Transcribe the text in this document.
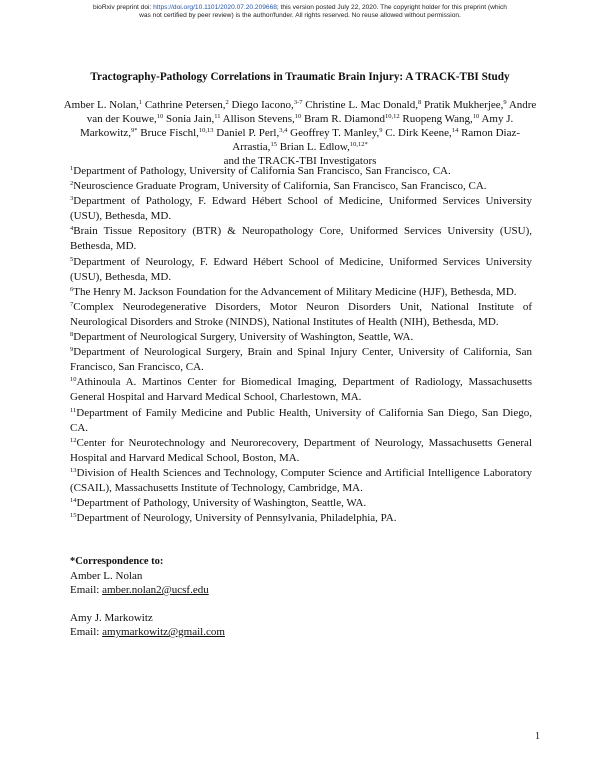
bioRxiv preprint doi: https://doi.org/10.1101/2020.07.20.209668; this version posted July 22, 2020. The copyright holder for this preprint (which
was not certified by peer review) is the author/funder. All rights reserved. No reuse allowed without permission.
Tractography-Pathology Correlations in Traumatic Brain Injury: A TRACK-TBI Study
Amber L. Nolan,$^1$ Cathrine Petersen,$^2$ Diego Iacono,$^{3-7}$ Christine L. Mac Donald,$^8$ Pratik Mukherjee,$^9$ Andre van der Kouwe,$^{10}$ Sonia Jain,$^{11}$ Allison Stevens,$^{10}$ Bram R. Diamond$^{10,12}$ Ruopeng Wang,$^{10}$ Amy J. Markowitz,$^{9*}$ Bruce Fischl,$^{10,13}$ Daniel P. Perl,$^{3,4}$ Geoffrey T. Manley,$^9$ C. Dirk Keene,$^{14}$ Ramon Diaz-Arrastia,$^{15}$ Brian L. Edlow,$^{10,12*}$
and the TRACK-TBI Investigators

$^1$Department of Pathology, University of California San Francisco, San Francisco, CA.

$^2$Neuroscience Graduate Program, University of California, San Francisco, San Francisco, CA.

$^3$Department of Pathology, F. Edward Hébert School of Medicine, Uniformed Services University (USU), Bethesda, MD.

$^4$Brain Tissue Repository (BTR) & Neuropathology Core, Uniformed Services University (USU), Bethesda, MD.

$^5$Department of Neurology, F. Edward Hébert School of Medicine, Uniformed Services University (USU), Bethesda, MD.

$^6$The Henry M. Jackson Foundation for the Advancement of Military Medicine (HJF), Bethesda, MD.

$^7$Complex Neurodegenerative Disorders, Motor Neuron Disorders Unit, National Institute of Neurological Disorders and Stroke (NINDS), National Institutes of Health (NIH), Bethesda, MD.

$^8$Department of Neurological Surgery, University of Washington, Seattle, WA.

$^9$Department of Neurological Surgery, Brain and Spinal Injury Center, University of California, San Francisco, San Francisco, CA.

$^{10}$Athinoula A. Martinos Center for Biomedical Imaging, Department of Radiology, Massachusetts General Hospital and Harvard Medical School, Charlestown, MA.

$^{11}$Department of Family Medicine and Public Health, University of California San Diego, San Diego, CA.

$^{12}$Center for Neurotechnology and Neurorecovery, Department of Neurology, Massachusetts General Hospital and Harvard Medical School, Boston, MA.

$^{13}$Division of Health Sciences and Technology, Computer Science and Artificial Intelligence Laboratory (CSAIL), Massachusetts Institute of Technology, Cambridge, MA.

$^{14}$Department of Pathology, University of Washington, Seattle, WA.

$^{15}$Department of Neurology, University of Pennsylvania, Philadelphia, PA.

*Correspondence to:
Amber L. Nolan
Email: amber.nolan2@ucsf.edu
Amy J. Markowitz
Email: amymarkowitz@gmail.com
1
